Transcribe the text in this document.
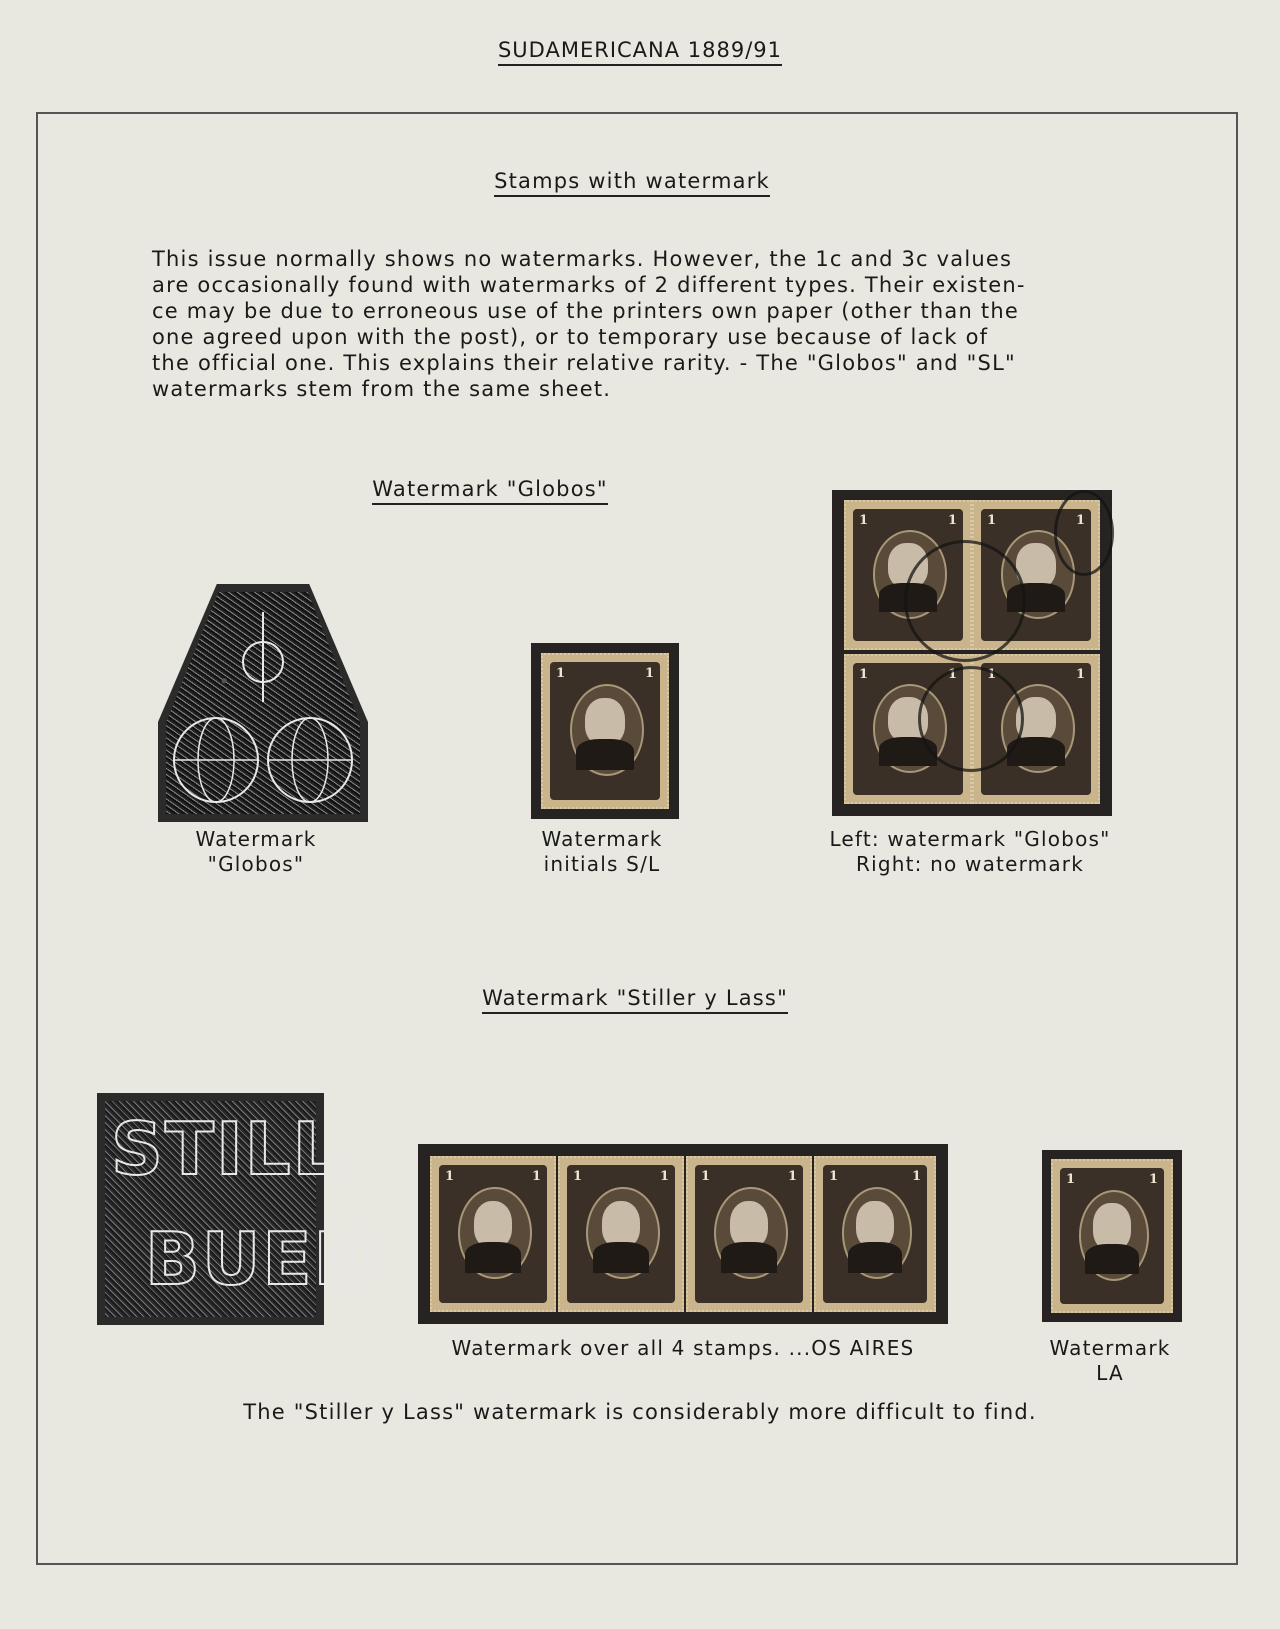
SUDAMERICANA 1889/91
Stamps with watermark
This issue normally shows no watermarks. However, the 1c and 3c values
are occasionally found with watermarks of 2 different types. Their existen-
ce may be due to erroneous use of the printers own paper (other than the
one agreed upon with the post), or to temporary use because of lack of
the official one. This explains their relative rarity. - The "Globos" and "SL"
watermarks stem from the same sheet.
Watermark "Globos"
1	1
1	1 1	1
1	1 1	1
Watermark
"Globos"
Watermark
initials S/L
Left: watermark "Globos"
Right: no watermark
Watermark "Stiller y Lass"
STILL
BUEN
1	1 1	1 1	1 1	1	1	1
Watermark over all 4 stamps. ...OS AIRES	Watermark
LA
The "Stiller y Lass" watermark is considerably more difficult to find.
